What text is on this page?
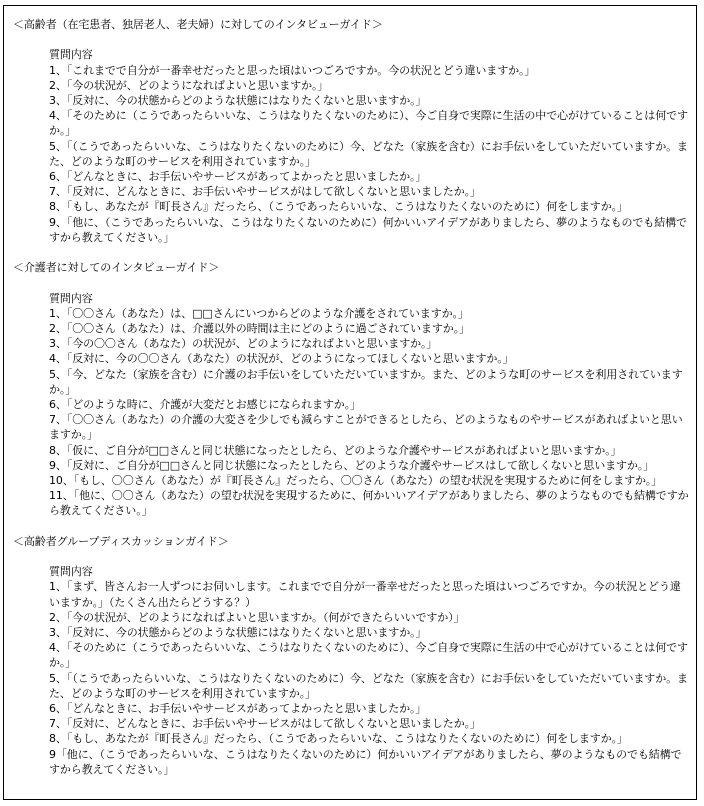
＜高齢者（在宅患者、独居老人、老夫婦）に対してのインタビューガイド＞
質問内容
1、「これまでで自分が一番幸せだったと思った頃はいつごろですか。今の状況とどう違いますか。」
2、「今の状況が、どのようになればよいと思いますか。」
3、「反対に、今の状態からどのような状態にはなりたくないと思いますか。」
4、「そのために（こうであったらいいな、こうはなりたくないのために）、今ご自身で実際に生活の中で心がけていることは何ですか。」
5、「（こうであったらいいな、こうはなりたくないのために）今、どなた（家族を含む）にお手伝いをしていただいていますか。また、どのような町のサービスを利用されていますか。」
6、「どんなときに、お手伝いやサービスがあってよかったと思いましたか。」
7、「反対に、どんなときに、お手伝いやサービスがはして欲しくないと思いましたか。」
8、「もし、あなたが『町長さん』だったら、（こうであったらいいな、こうはなりたくないのために）何をしますか。」
9、「他に、（こうであったらいいな、こうはなりたくないのために）何かいいアイデアがありましたら、夢のようなものでも結構ですから教えてください。」
＜介護者に対してのインタビューガイド＞
質問内容
1、「〇〇さん（あなた）は、□□さんにいつからどのような介護をされていますか。」
2、「〇〇さん（あなた）は、介護以外の時間は主にどのように過ごされていますか。」
3、「今の〇〇さん（あなた）の状況が、どのようになればよいと思いますか。」
4、「反対に、今の〇〇さん（あなた）の状況が、どのようになってほしくないと思いますか。」
5、「今、どなた（家族を含む）に介護のお手伝いをしていただいていますか。また、どのような町のサービスを利用されていますか。」
6、「どのような時に、介護が大変だとお感じになられますか。」
7、「〇〇さん（あなた）の介護の大変さを少しでも減らすことができるとしたら、どのようなものやサービスがあればよいと思いますか。」
8、「仮に、ご自分が□□さんと同じ状態になったとしたら、どのような介護やサービスがあればよいと思いますか。」
9、「反対に、ご自分が□□さんと同じ状態になったとしたら、どのような介護やサービスはして欲しくないと思いますか。」
10、「もし、〇〇さん（あなた）が『町長さん』だったら、〇〇さん（あなた）の望む状況を実現するために何をしますか。」
11、「他に、〇〇さん（あなた）の望む状況を実現するために、何かいいアイデアがありましたら、夢のようなものでも結構ですから教えてください。」
＜高齢者グループディスカッションガイド＞
質問内容
1、「まず、皆さんお一人ずつにお伺いします。これまでで自分が一番幸せだったと思った頃はいつごろですか。今の状況とどう違いますか。」（たくさん出たらどうする？）
2、「今の状況が、どのようになればよいと思いますか。（何ができたらいいですか）」
3、「反対に、今の状態からどのような状態にはなりたくないと思いますか。」
4、「そのために（こうであったらいいな、こうはなりたくないのために）、今ご自身で実際に生活の中で心がけていることは何ですか。」
5、「（こうであったらいいな、こうはなりたくないのために）今、どなた（家族を含む）にお手伝いをしていただいていますか。また、どのような町のサービスを利用されていますか。」
6、「どんなときに、お手伝いやサービスがあってよかったと思いましたか。」
7、「反対に、どんなときに、お手伝いやサービスがはして欲しくないと思いましたか。」
8、「もし、あなたが『町長さん』だったら、（こうであったらいいな、こうはなりたくないのために）何をしますか。」
9「他に、（こうであったらいいな、こうはなりたくないのために）何かいいアイデアがありましたら、夢のようなものでも結構ですから教えてください。」
